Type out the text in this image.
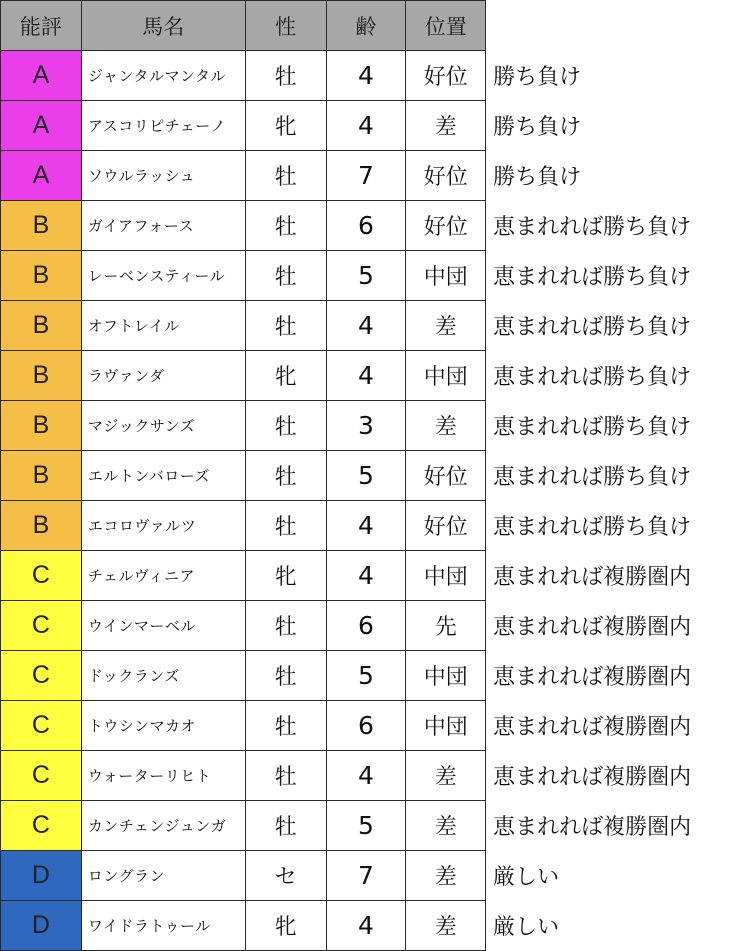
能評	馬名	性	齢	位置	
A	ジャンタルマンタル	牡	4	好位	勝ち負け
A	アスコリピチェーノ	牝	4	差	勝ち負け
A	ソウルラッシュ	牡	7	好位	勝ち負け
B	ガイアフォース	牡	6	好位	恵まれれば勝ち負け
B	レーベンスティール	牡	5	中団	恵まれれば勝ち負け
B	オフトレイル	牡	4	差	恵まれれば勝ち負け
B	ラヴァンダ	牝	4	中団	恵まれれば勝ち負け
B	マジックサンズ	牡	3	差	恵まれれば勝ち負け
B	エルトンバローズ	牡	5	好位	恵まれれば勝ち負け
B	エコロヴァルツ	牡	4	好位	恵まれれば勝ち負け
C	チェルヴィニア	牝	4	中団	恵まれれば複勝圏内
C	ウインマーベル	牡	6	先	恵まれれば複勝圏内
C	ドックランズ	牡	5	中団	恵まれれば複勝圏内
C	トウシンマカオ	牡	6	中団	恵まれれば複勝圏内
C	ウォーターリヒト	牡	4	差	恵まれれば複勝圏内
C	カンチェンジュンガ	牡	5	差	恵まれれば複勝圏内
D	ロングラン	セ	7	差	厳しい
D	ワイドラトゥール	牝	4	差	厳しい
